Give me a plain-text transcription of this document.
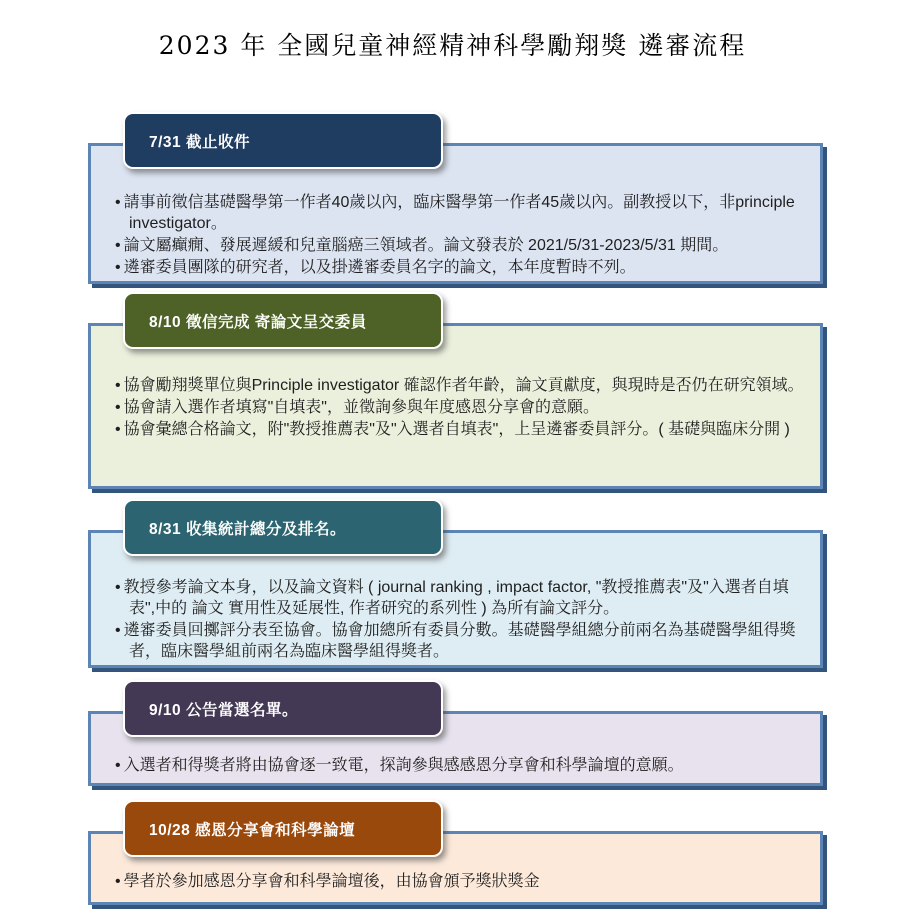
2023 年 全國兒童神經精神科學勵翔獎 遴審流程
• 請事前徵信基礎醫學第一作者40歲以內，臨床醫學第一作者45歲以內。副教授以下，非principle investigator。
• 論文屬癲癇、發展遲緩和兒童腦癌三領域者。論文發表於 2021/5/31-2023/5/31 期間。
• 遴審委員團隊的研究者，以及掛遴審委員名字的論文，本年度暫時不列。
7/31 截止收件
• 協會勵翔獎單位與Principle investigator 確認作者年齡，論文貢獻度，與現時是否仍在研究領域。
• 協會請入選作者填寫"自填表"，並徵詢參與年度感恩分享會的意願。
• 協會彙總合格論文，附"教授推薦表"及"入選者自填表"，上呈遴審委員評分。( 基礎與臨床分開 )
8/10 徵信完成 寄論文呈交委員
• 教授參考論文本身，以及論文資料 ( journal ranking , impact factor, "教授推薦表"及"入選者自填表",中的 論文 實用性及延展性, 作者研究的系列性 ) 為所有論文評分。
• 遴審委員回擲評分表至協會。協會加總所有委員分數。基礎醫學組總分前兩名為基礎醫學組得獎者，臨床醫學組前兩名為臨床醫學組得獎者。
8/31 收集統計總分及排名。
• 入選者和得獎者將由協會逐一致電，探詢參與感感恩分享會和科學論壇的意願。
9/10 公告當選名單。
• 學者於參加感恩分享會和科學論壇後，由協會頒予獎狀獎金
10/28 感恩分享會和科學論壇
